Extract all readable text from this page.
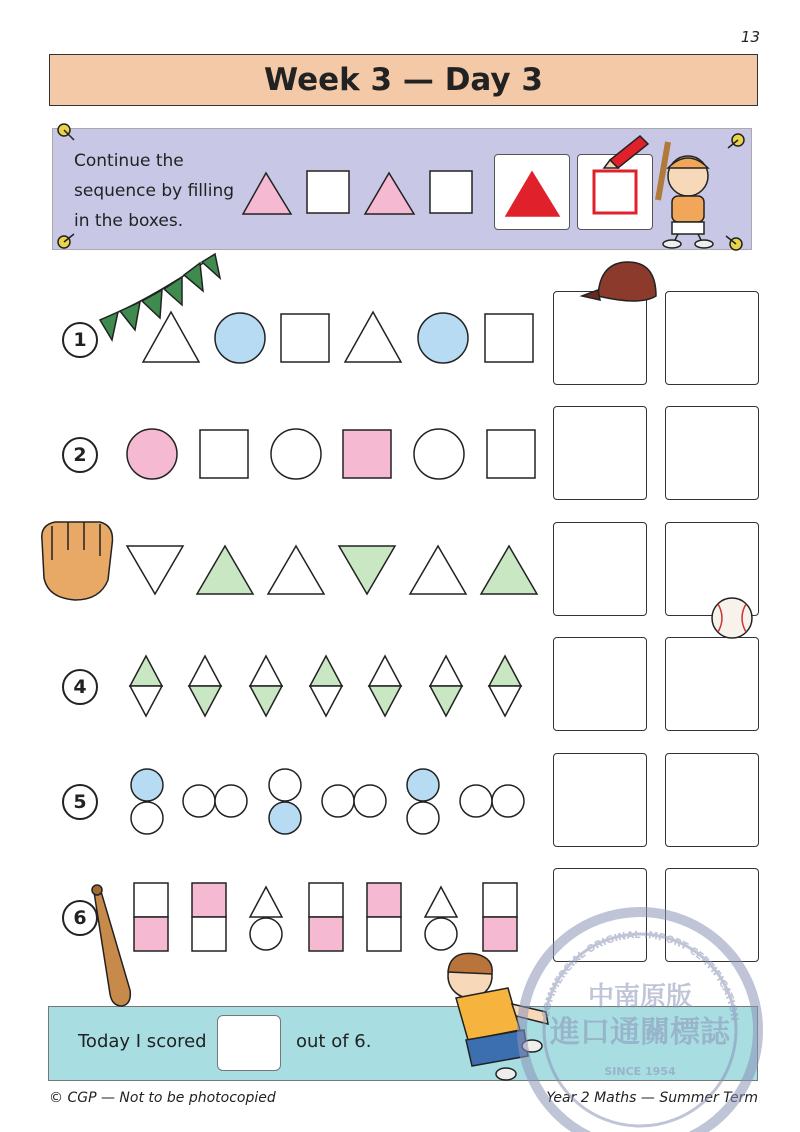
13
Week 3 — Day 3
Continue the
sequence by filling
in the boxes.
1
2
4
5
6
Today I scored	out of 6.
© CGP — Not to be photocopied	Year 2 Maths — Summer Term
COMMERCIAL ORIGINAL IMPORT CERTIFICATION
中南原版
進口通關標誌
SINCE 1954
